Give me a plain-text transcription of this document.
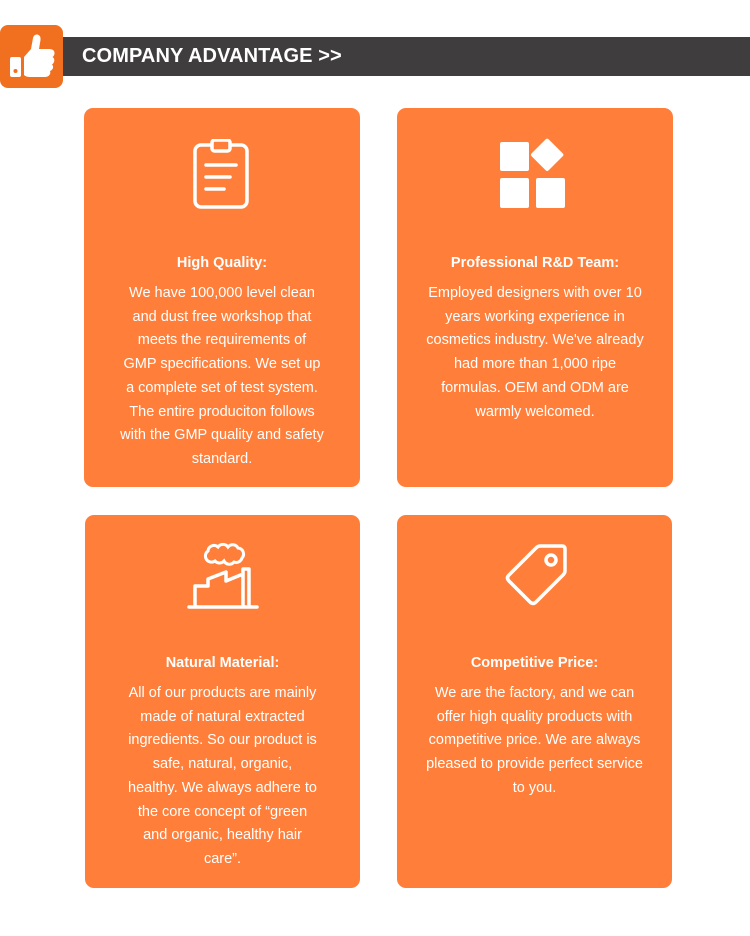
COMPANY ADVANTAGE >>
High Quality:
We have 100,000 level clean
and dust free workshop that
meets the requirements of
GMP specifications. We set up
a complete set of test system.
The entire produciton follows
with the GMP quality and safety
standard.
Professional R&D Team:
Employed designers with over 10
years working experience in
cosmetics industry. We've already
had more than 1,000 ripe
formulas. OEM and ODM are
warmly welcomed.
Natural Material:
All of our products are mainly
made of natural extracted
ingredients. So our product is
safe, natural, organic,
healthy. We always adhere to
the core concept of “green
and organic, healthy hair
care”.
Competitive Price:
We are the factory, and we can
offer high quality products with
competitive price. We are always
pleased to provide perfect service
to you.
